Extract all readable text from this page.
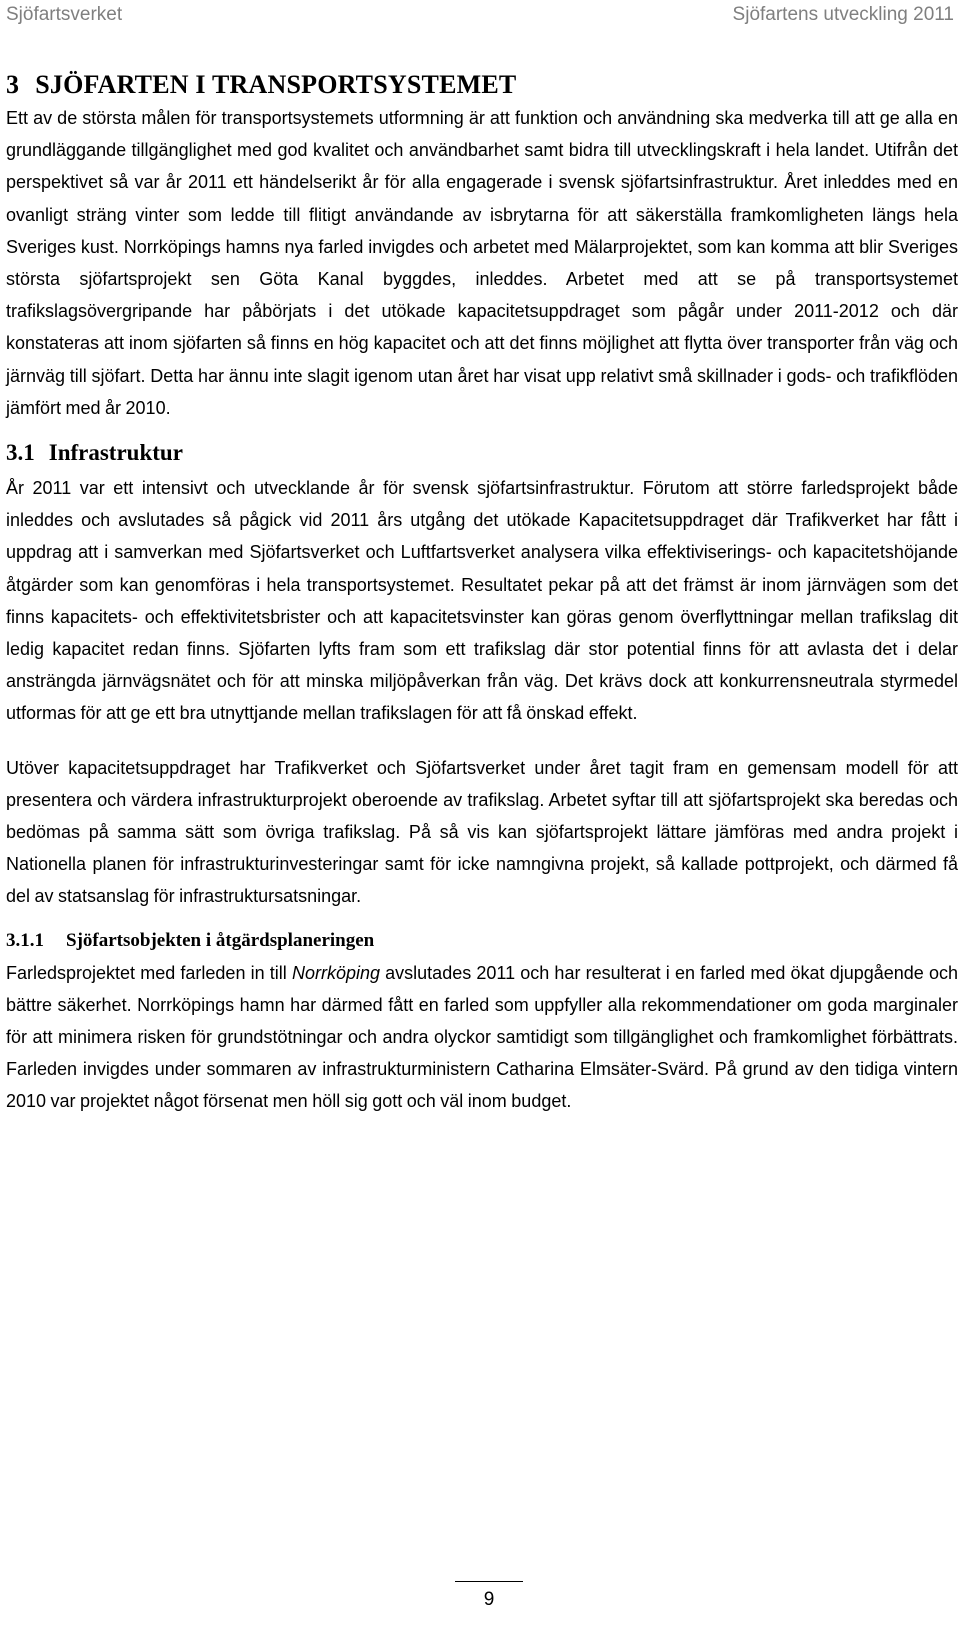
Sjöfartsverket	Sjöfartens utveckling 2011
3 SJÖFARTEN I TRANSPORTSYSTEMET

Ett av de största målen för transportsystemets utformning är att funktion och användning ska medverka till att ge alla en grundläggande tillgänglighet med god kvalitet och användbarhet samt bidra till utvecklingskraft i hela landet. Utifrån det perspektivet så var år 2011 ett händelserikt år för alla engagerade i svensk sjöfartsinfrastruktur. Året inleddes med en ovanligt sträng vinter som ledde till flitigt användande av isbrytarna för att säkerställa framkomligheten längs hela Sveriges kust. Norrköpings hamns nya farled invigdes och arbetet med Mälarprojektet, som kan komma att blir Sveriges största sjöfartsprojekt sen Göta Kanal byggdes, inleddes. Arbetet med att se på transportsystemet trafikslagsövergripande har påbörjats i det utökade kapacitetsuppdraget som pågår under 2011-2012 och där konstateras att inom sjöfarten så finns en hög kapacitet och att det finns möjlighet att flytta över transporter från väg och järnväg till sjöfart. Detta har ännu inte slagit igenom utan året har visat upp relativt små skillnader i gods- och trafikflöden jämfört med år 2010.

3.1 Infrastruktur

År 2011 var ett intensivt och utvecklande år för svensk sjöfartsinfrastruktur. Förutom att större farledsprojekt både inleddes och avslutades så pågick vid 2011 års utgång det utökade Kapacitetsuppdraget där Trafikverket har fått i uppdrag att i samverkan med Sjöfartsverket och Luftfartsverket analysera vilka effektiviserings- och kapacitetshöjande åtgärder som kan genomföras i hela transportsystemet. Resultatet pekar på att det främst är inom järnvägen som det finns kapacitets- och effektivitetsbrister och att kapacitetsvinster kan göras genom överflyttningar mellan trafikslag dit ledig kapacitet redan finns. Sjöfarten lyfts fram som ett trafikslag där stor potential finns för att avlasta det i delar ansträngda järnvägsnätet och för att minska miljöpåverkan från väg. Det krävs dock att konkurrensneutrala styrmedel utformas för att ge ett bra utnyttjande mellan trafikslagen för att få önskad effekt.

Utöver kapacitetsuppdraget har Trafikverket och Sjöfartsverket under året tagit fram en gemensam modell för att presentera och värdera infrastrukturprojekt oberoende av trafikslag. Arbetet syftar till att sjöfartsprojekt ska beredas och bedömas på samma sätt som övriga trafikslag. På så vis kan sjöfartsprojekt lättare jämföras med andra projekt i Nationella planen för infrastrukturinvesteringar samt för icke namngivna projekt, så kallade pottprojekt, och därmed få del av statsanslag för infrastruktursatsningar.

3.1.1 Sjöfartsobjekten i åtgärdsplaneringen

Farledsprojektet med farleden in till Norrköping avslutades 2011 och har resulterat i en farled med ökat djupgående och bättre säkerhet. Norrköpings hamn har därmed fått en farled som uppfyller alla rekommendationer om goda marginaler för att minimera risken för grundstötningar och andra olyckor samtidigt som tillgänglighet och framkomlighet förbättrats. Farleden invigdes under sommaren av infrastrukturministern Catharina Elmsäter-Svärd. På grund av den tidiga vintern 2010 var projektet något försenat men höll sig gott och väl inom budget.

9
